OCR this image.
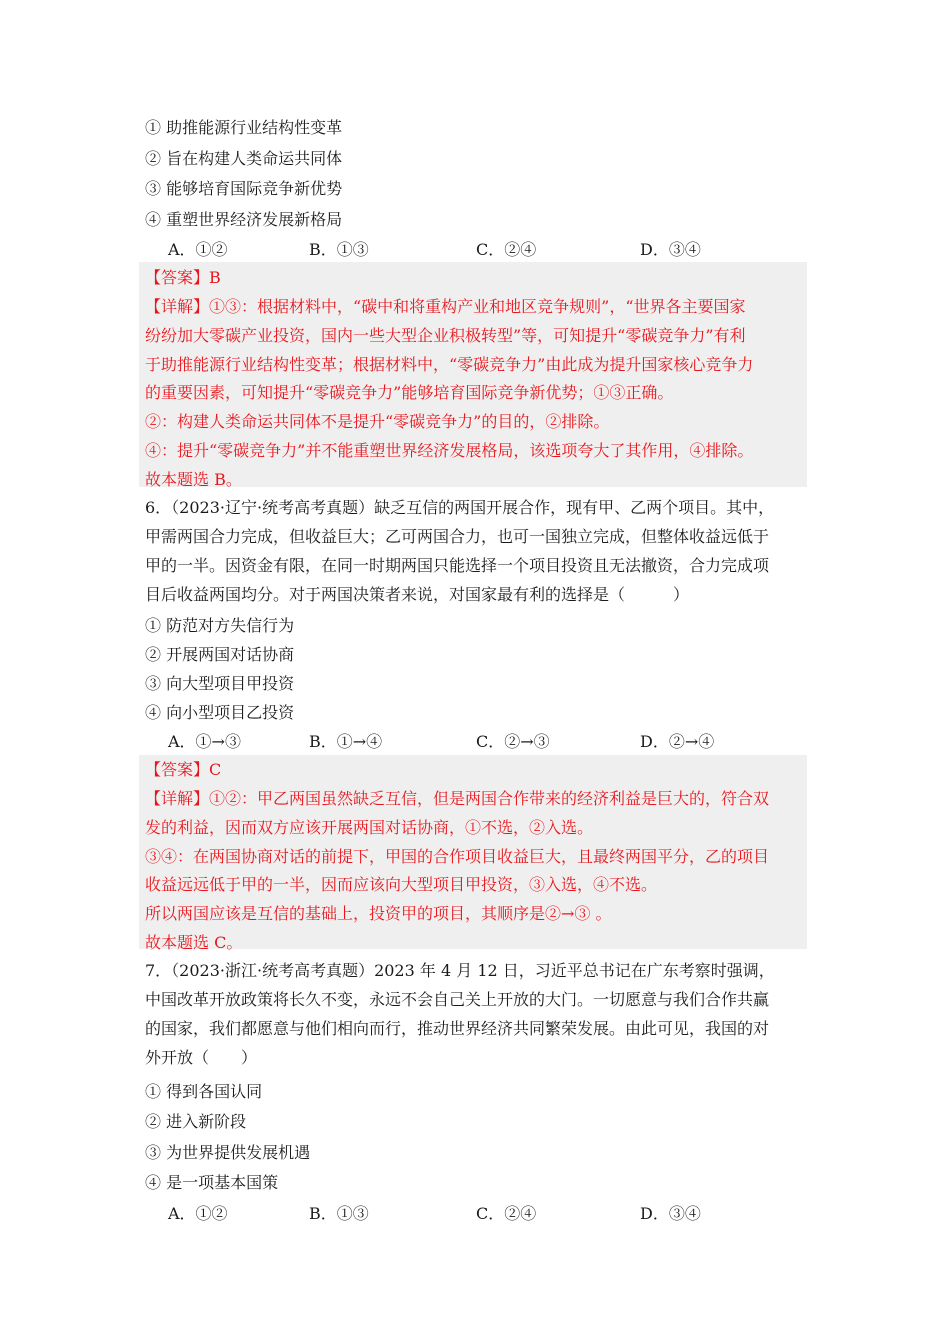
① 助推能源行业结构性变革
② 旨在构建人类命运共同体
③ 能够培育国际竞争新优势
④ 重塑世界经济发展新格局
A．①②	B．①③	C．②④	D．③④
【答案】B
【详解】①③：根据材料中，“碳中和将重构产业和地区竞争规则”，“世界各主要国家
纷纷加大零碳产业投资，国内一些大型企业积极转型”等，可知提升“零碳竞争力”有利
于助推能源行业结构性变革；根据材料中，“零碳竞争力”由此成为提升国家核心竞争力
的重要因素，可知提升“零碳竞争力”能够培育国际竞争新优势；①③正确。
②：构建人类命运共同体不是提升“零碳竞争力”的目的，②排除。
④：提升“零碳竞争力”并不能重塑世界经济发展格局，该选项夸大了其作用，④排除。
故本题选 B。
6．（2023·辽宁·统考高考真题）缺乏互信的两国开展合作，现有甲、乙两个项目。其中，
甲需两国合力完成，但收益巨大；乙可两国合力，也可一国独立完成，但整体收益远低于
甲的一半。因资金有限，在同一时期两国只能选择一个项目投资且无法撤资，合力完成项
目后收益两国均分。对于两国决策者来说，对国家最有利的选择是（　　　）
① 防范对方失信行为
② 开展两国对话协商
③ 向大型项目甲投资
④ 向小型项目乙投资
A．①→③	B．①→④	C．②→③	D．②→④
【答案】C
【详解】①②：甲乙两国虽然缺乏互信，但是两国合作带来的经济利益是巨大的，符合双
发的利益，因而双方应该开展两国对话协商，①不选，②入选。
③④：在两国协商对话的前提下，甲国的合作项目收益巨大，且最终两国平分，乙的项目
收益远远低于甲的一半，因而应该向大型项目甲投资，③入选，④不选。
所以两国应该是互信的基础上，投资甲的项目，其顺序是②→③ 。
故本题选 C。
7．（2023·浙江·统考高考真题）2023 年 4 月 12 日，习近平总书记在广东考察时强调，
中国改革开放政策将长久不变，永远不会自己关上开放的大门。一切愿意与我们合作共赢
的国家，我们都愿意与他们相向而行，推动世界经济共同繁荣发展。由此可见，我国的对
外开放（　　）
① 得到各国认同
② 进入新阶段
③ 为世界提供发展机遇
④ 是一项基本国策
A．①②	B．①③	C．②④	D．③④
